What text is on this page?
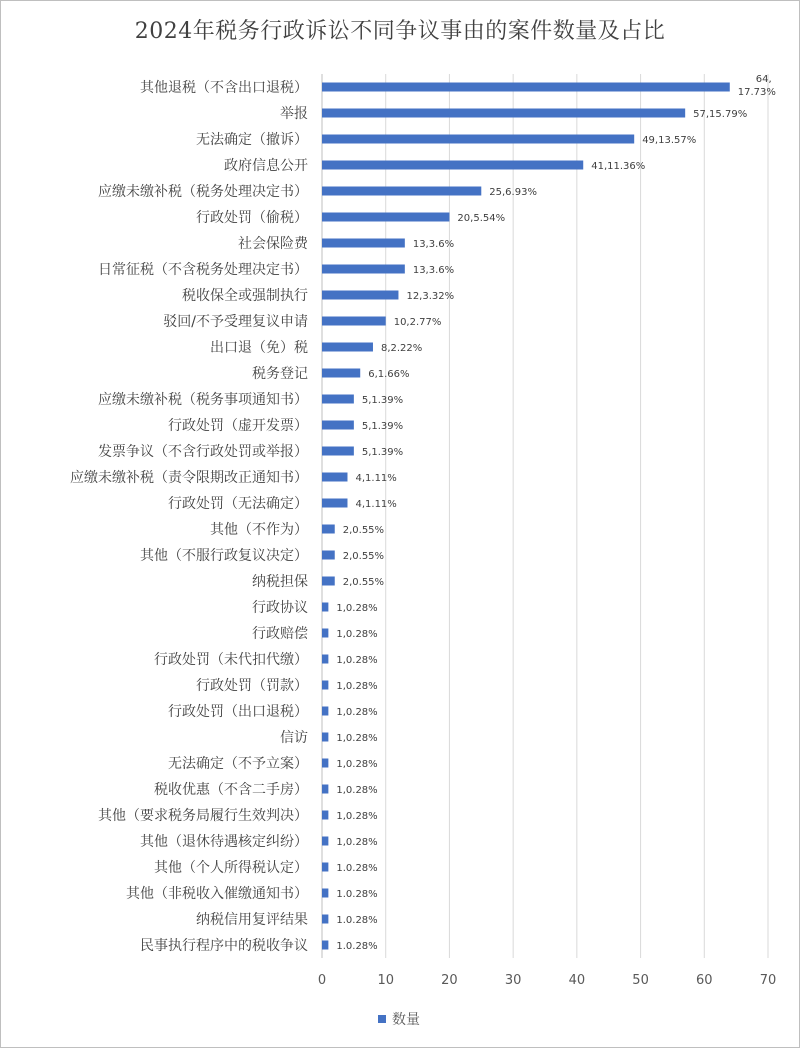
2024年税务行政诉讼不同争议事由的案件数量及占比
0	10	20	30	40	50	60	70
其他退税（不含出口退税）
64, 17.73%
举报	57,15.79%
无法确定（撤诉）	49,13.57%
政府信息公开	41,11.36%
应缴未缴补税（税务处理决定书）	25,6.93%
行政处罚（偷税）	20,5.54%
社会保险费	13,3.6%
日常征税（不含税务处理决定书）	13,3.6%
税收保全或强制执行	12,3.32%
驳回/不予受理复议申请	10,2.77%
出口退（免）税	8,2.22%
税务登记	6,1.66%
应缴未缴补税（税务事项通知书）	5,1.39%
行政处罚（虚开发票）	5,1.39%
发票争议（不含行政处罚或举报）	5,1.39%
应缴未缴补税（责令限期改正通知书）	4,1.11%
行政处罚（无法确定）	4,1.11%
其他（不作为）	2,0.55%
其他（不服行政复议决定）	2,0.55%
纳税担保	2,0.55%
行政协议	1,0.28%
行政赔偿	1,0.28%
行政处罚（未代扣代缴）	1,0.28%
行政处罚（罚款）	1,0.28%
行政处罚（出口退税）	1,0.28%
信访	1,0.28%
无法确定（不予立案）	1,0.28%
税收优惠（不含二手房）	1,0.28%
其他（要求税务局履行生效判决）	1,0.28%
其他（退休待遇核定纠纷）	1,0.28%
其他（个人所得税认定）	1.0.28%
其他（非税收入催缴通知书）	1.0.28%
纳税信用复评结果	1.0.28%
民事执行程序中的税收争议	1.0.28%
数量
